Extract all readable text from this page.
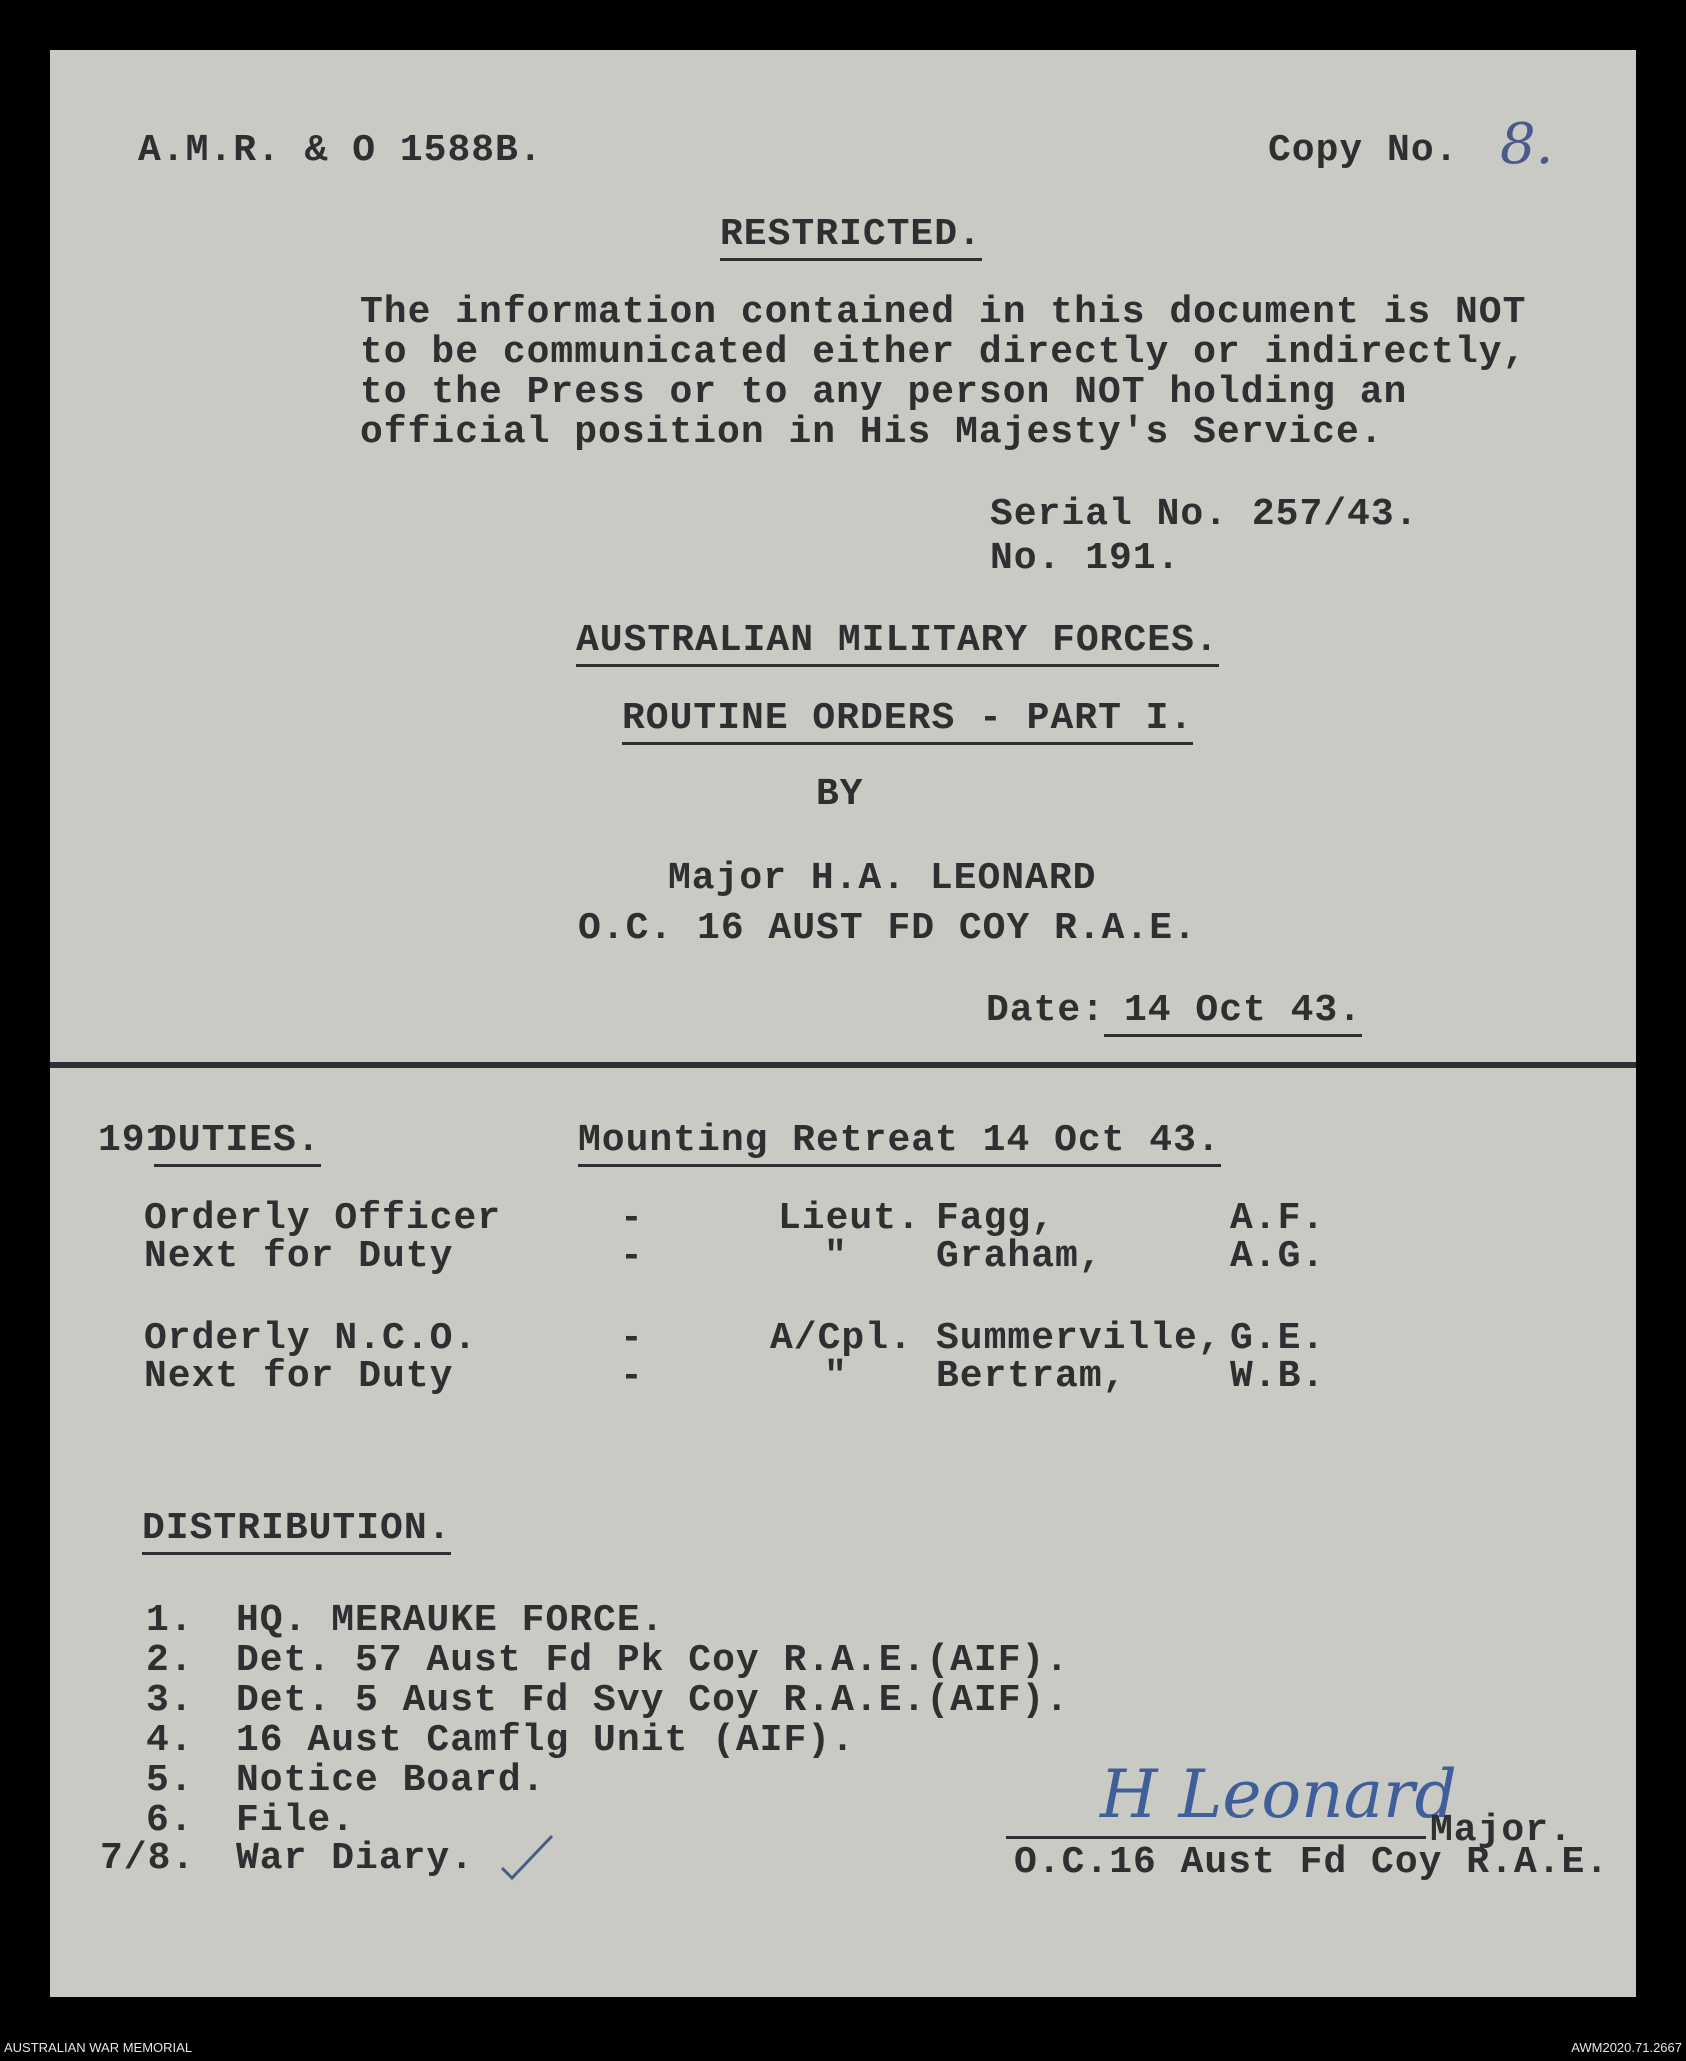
A.M.R. & O 1588B.	Copy No. 8.
RESTRICTED.
The information contained in this document is NOT
to be communicated either directly or indirectly,
to the Press or to any person NOT holding an
official position in His Majesty's Service.
Serial No. 257/43.
No. 191.
AUSTRALIAN MILITARY FORCES.
ROUTINE ORDERS - PART I.
BY
Major H.A. LEONARD
O.C. 16 AUST FD COY R.A.E.
Date: 14 Oct 43.
191
DUTIES.	Mounting Retreat 14 Oct 43.
Orderly Officer	-	Lieut. Fagg,	A.F.
Next for Duty	-	" Graham,	A.G.
Orderly N.C.O.	-	A/Cpl. Summerville, G.E.
Next for Duty	-	" Bertram,	W.B.
DISTRIBUTION.
1. HQ. MERAUKE FORCE.
2. Det. 57 Aust Fd Pk Coy R.A.E.(AIF).
3. Det. 5 Aust Fd Svy Coy R.A.E.(AIF).
4. 16 Aust Camflg Unit (AIF).
5. Notice Board.
6. File.
7/8. War Diary.
H Leonard
Major.
O.C.16 Aust Fd Coy R.A.E.
AUSTRALIAN WAR MEMORIAL	AWM2020.71.2667
